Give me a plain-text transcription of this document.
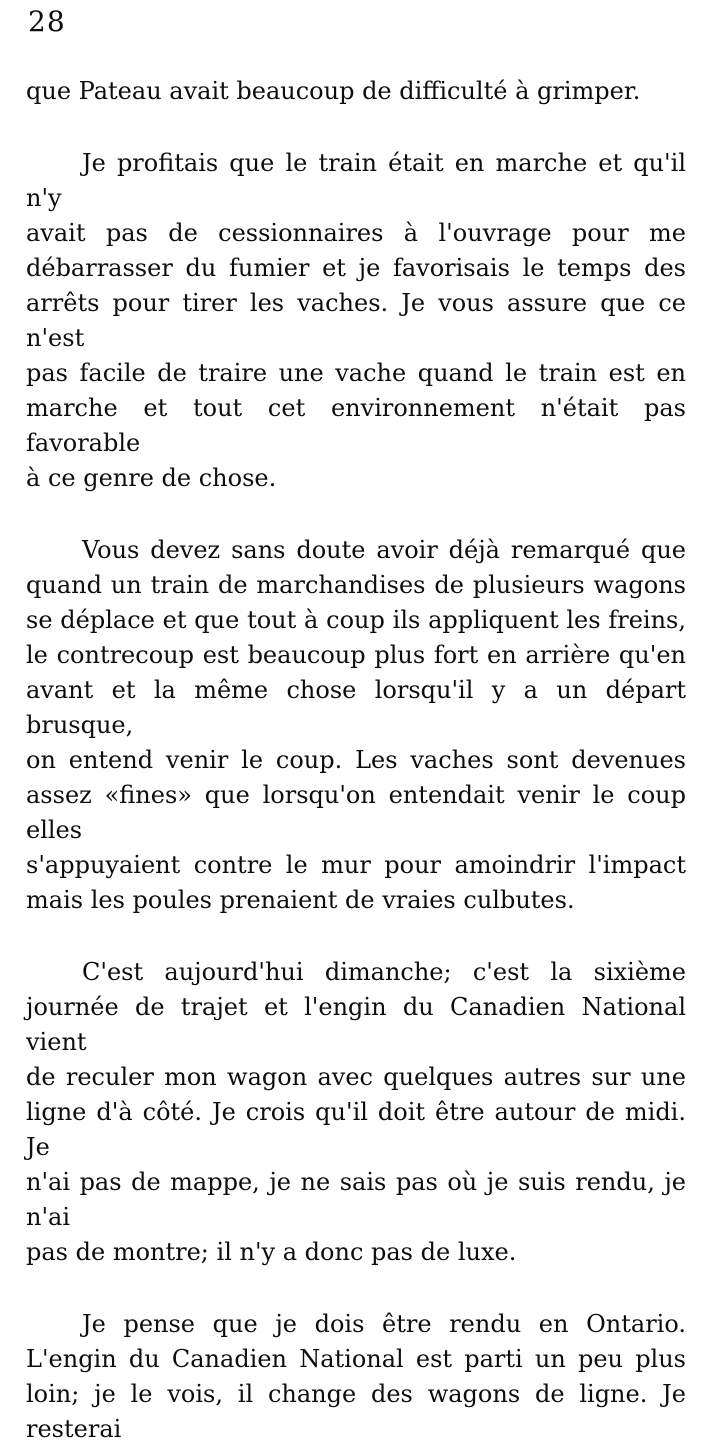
28
que Pateau avait beaucoup de difficulté à grimper.
Je profitais que le train était en marche et qu'il n'y
avait pas de cessionnaires à l'ouvrage pour me
débarrasser du fumier et je favorisais le temps des
arrêts pour tirer les vaches. Je vous assure que ce n'est
pas facile de traire une vache quand le train est en
marche et tout cet environnement n'était pas favorable
à ce genre de chose.
Vous devez sans doute avoir déjà remarqué que
quand un train de marchandises de plusieurs wagons
se déplace et que tout à coup ils appliquent les freins,
le contrecoup est beaucoup plus fort en arrière qu'en
avant et la même chose lorsqu'il y a un départ brusque,
on entend venir le coup. Les vaches sont devenues
assez «fines» que lorsqu'on entendait venir le coup elles
s'appuyaient contre le mur pour amoindrir l'impact
mais les poules prenaient de vraies culbutes.
C'est aujourd'hui dimanche; c'est la sixième
journée de trajet et l'engin du Canadien National vient
de reculer mon wagon avec quelques autres sur une
ligne d'à côté. Je crois qu'il doit être autour de midi. Je
n'ai pas de mappe, je ne sais pas où je suis rendu, je n'ai
pas de montre; il n'y a donc pas de luxe.
Je pense que je dois être rendu en Ontario.
L'engin du Canadien National est parti un peu plus
loin; je le vois, il change des wagons de ligne. Je resterai
